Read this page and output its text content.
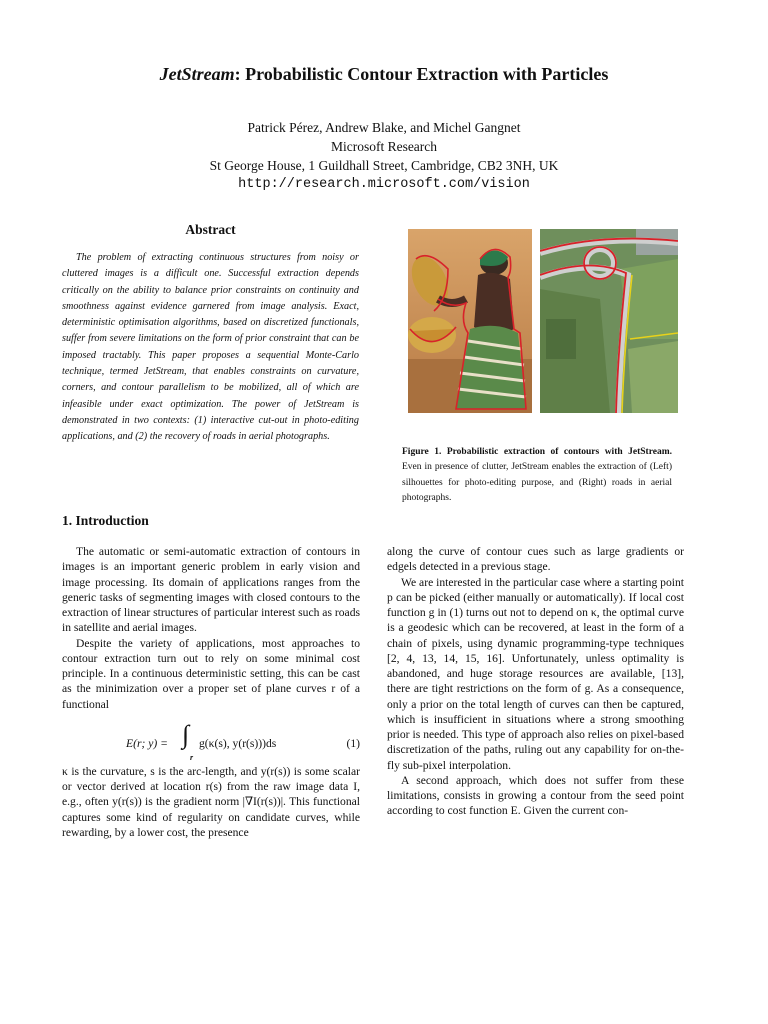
JetStream: Probabilistic Contour Extraction with Particles
Patrick Pérez, Andrew Blake, and Michel Gangnet
Microsoft Research
St George House, 1 Guildhall Street, Cambridge, CB2 3NH, UK
http://research.microsoft.com/vision
Abstract

The problem of extracting continuous structures from noisy or cluttered images is a difficult one. Successful extraction depends critically on the ability to balance prior constraints on continuity and smoothness against evidence garnered from image analysis. Exact, deterministic optimisation algorithms, based on discretized functionals, suffer from severe limitations on the form of prior constraint that can be imposed tractably. This paper proposes a sequential Monte-Carlo technique, termed JetStream, that enables constraints on curvature, corners, and contour parallelism to be mobilized, all of which are infeasible under exact optimization. The power of JetStream is demonstrated in two contexts: (1) interactive cut-out in photo-editing applications, and (2) the recovery of roads in aerial photographs.

Figure 1. Probabilistic extraction of contours with JetStream. Even in presence of clutter, JetStream enables the extraction of (Left) silhouettes for photo-editing purpose, and (Right) roads in aerial photographs.
1. Introduction

The automatic or semi-automatic extraction of contours in images is an important generic problem in early vision and image processing. Its domain of applications ranges from the generic tasks of segmenting images with closed contours to the extraction of linear structures of particular interest such as roads in satellite and aerial images.

Despite the variety of applications, most approaches to contour extraction turn out to rely on some minimal cost principle. In a continuous deterministic setting, this can be cast as the minimization over a proper set of plane curves r of a functional

E(r; y) = ∫
r
g(κ(s), y(r(s)))ds	(1)

κ is the curvature, s is the arc-length, and y(r(s)) is some scalar or vector derived at location r(s) from the raw image data I, e.g., often y(r(s)) is the gradient norm |∇I(r(s))|. This functional captures some kind of regularity on candidate curves, while rewarding, by a lower cost, the presence

along the curve of contour cues such as large gradients or edgels detected in a previous stage.

We are interested in the particular case where a starting point p can be picked (either manually or automatically). If local cost function g in (1) turns out not to depend on κ, the optimal curve is a geodesic which can be recovered, at least in the form of a chain of pixels, using dynamic programming-type techniques [2, 4, 13, 14, 15, 16]. Unfortunately, unless optimality is abandoned, and huge storage resources are available, [13], there are tight restrictions on the form of g. As a consequence, only a prior on the total length of curves can then be captured, which is insufficient in situations where a strong smoothing prior is needed. This type of approach also relies on pixel-based discretization of the paths, ruling out any capability for on-the-fly sub-pixel interpolation.

A second approach, which does not suffer from these limitations, consists in growing a contour from the seed point according to cost function E. Given the current con-
